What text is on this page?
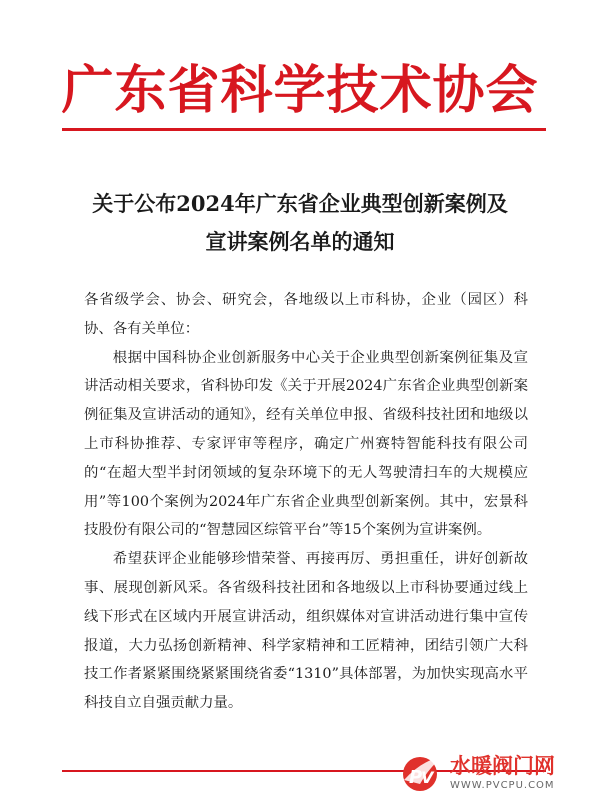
广东省科学技术协会
关于公布2024年广东省企业典型创新案例及
宣讲案例名单的通知

各省级学会、协会、研究会，各地级以上市科协，企业（园区）科协、各有关单位：

根据中国科协企业创新服务中心关于企业典型创新案例征集及宣讲活动相关要求，省科协印发《关于开展2024广东省企业典型创新案例征集及宣讲活动的通知》，经有关单位申报、省级科技社团和地级以上市科协推荐、专家评审等程序，确定广州赛特智能科技有限公司的“在超大型半封闭领域的复杂环境下的无人驾驶清扫车的大规模应用”等100个案例为2024年广东省企业典型创新案例。其中，宏景科技股份有限公司的“智慧园区综管平台”等15个案例为宣讲案例。

希望获评企业能够珍惜荣誉、再接再厉、勇担重任，讲好创新故事、展现创新风采。各省级科技社团和各地级以上市科协要通过线上线下形式在区域内开展宣讲活动，组织媒体对宣讲活动进行集中宣传报道，大力弘扬创新精神、科学家精神和工匠精神，团结引领广大科技工作者紧紧围绕紧紧围绕省委“1310”具体部署，为加快实现高水平科技自立自强贡献力量。

P
V 水暖阀门网
WWW.PVCPU.COM
